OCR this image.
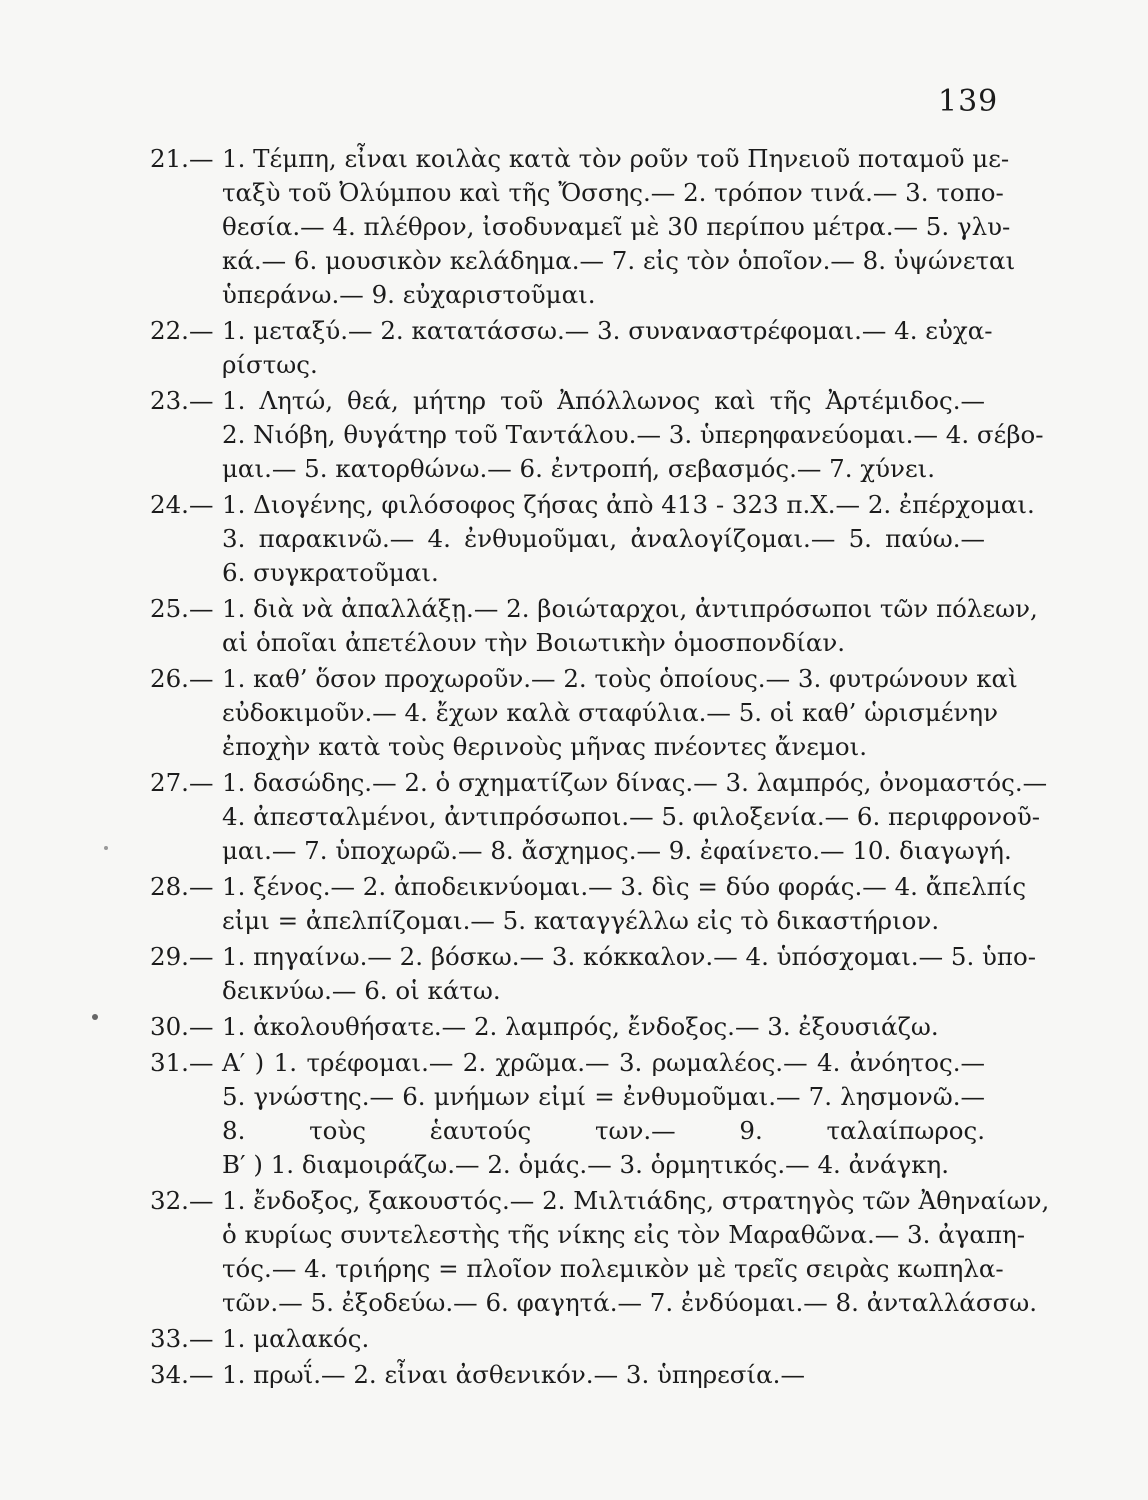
139
21.— 1. Τέμπη, εἶναι κοιλὰς κατὰ τὸν ροῦν τοῦ Πηνειοῦ ποταμοῦ με-
ταξὺ τοῦ Ὀλύμπου καὶ τῆς Ὄσσης.— 2. τρόπον τινά.— 3. τοπο-
θεσία.— 4. πλέθρον, ἰσοδυναμεῖ μὲ 30 περίπου μέτρα.— 5. γλυ-
κά.— 6. μουσικὸν κελάδημα.— 7. εἰς τὸν ὁποῖον.— 8. ὑψώνεται
ὑπεράνω.— 9. εὐχαριστοῦμαι.
22.— 1. μεταξύ.— 2. κατατάσσω.— 3. συναναστρέφομαι.— 4. εὐχα-
ρίστως.
23.— 1. Λητώ, θεά, μήτηρ τοῦ Ἀπόλλωνος καὶ τῆς Ἀρτέμιδος.—
2. Νιόβη, θυγάτηρ τοῦ Ταντάλου.— 3. ὑπερηφανεύομαι.— 4. σέβο-
μαι.— 5. κατορθώνω.— 6. ἐντροπή, σεβασμός.— 7. χύνει.
24.— 1. Διογένης, φιλόσοφος ζήσας ἀπὸ 413 - 323 π.Χ.— 2. ἐπέρχομαι.
3. παρακινῶ.— 4. ἐνθυμοῦμαι, ἀναλογίζομαι.— 5. παύω.—
6. συγκρατοῦμαι.
25.— 1. διὰ νὰ ἀπαλλάξῃ.— 2. βοιώταρχοι, ἀντιπρόσωποι τῶν πόλεων,
αἱ ὁποῖαι ἀπετέλουν τὴν Βοιωτικὴν ὁμοσπονδίαν.
26.— 1. καθ’ ὅσον προχωροῦν.— 2. τοὺς ὁποίους.— 3. φυτρώνουν καὶ
εὐδοκιμοῦν.— 4. ἔχων καλὰ σταφύλια.— 5. οἱ καθ’ ὡρισμένην
ἐποχὴν κατὰ τοὺς θερινοὺς μῆνας πνέοντες ἄνεμοι.
27.— 1. δασώδης.— 2. ὁ σχηματίζων δίνας.— 3. λαμπρός, ὀνομαστός.—
4. ἀπεσταλμένοι, ἀντιπρόσωποι.— 5. φιλοξενία.— 6. περιφρονοῦ-
μαι.— 7. ὑποχωρῶ.— 8. ἄσχημος.— 9. ἐφαίνετο.— 10. διαγωγή.
28.— 1. ξένος.— 2. ἀποδεικνύομαι.— 3. δὶς = δύο φοράς.— 4. ἄπελπίς
εἰμι = ἀπελπίζομαι.— 5. καταγγέλλω εἰς τὸ δικαστήριον.
29.— 1. πηγαίνω.— 2. βόσκω.— 3. κόκκαλον.— 4. ὑπόσχομαι.— 5. ὑπο-
δεικνύω.— 6. οἱ κάτω.
30.— 1. ἀκολουθήσατε.— 2. λαμπρός, ἔνδοξος.— 3. ἐξουσιάζω.
31.— Α′ ) 1. τρέφομαι.— 2. χρῶμα.— 3. ρωμαλέος.— 4. ἀνόητος.—
5. γνώστης.— 6. μνήμων εἰμί = ἐνθυμοῦμαι.— 7. λησμονῶ.—
8. τοὺς ἑαυτούς των.— 9. ταλαίπωρος.
Β′ ) 1. διαμοιράζω.— 2. ὁμάς.— 3. ὁρμητικός.— 4. ἀνάγκη.
32.— 1. ἔνδοξος, ξακουστός.— 2. Μιλτιάδης, στρατηγὸς τῶν Ἀθηναίων,
ὁ κυρίως συντελεστὴς τῆς νίκης εἰς τὸν Μαραθῶνα.— 3. ἀγαπη-
τός.— 4. τριήρης = πλοῖον πολεμικὸν μὲ τρεῖς σειρὰς κωπηλα-
τῶν.— 5. ἐξοδεύω.— 6. φαγητά.— 7. ἐνδύομαι.— 8. ἀνταλλάσσω.
33.— 1. μαλακός.
34.— 1. πρωΐ.— 2. εἶναι ἀσθενικόν.— 3. ὑπηρεσία.—
